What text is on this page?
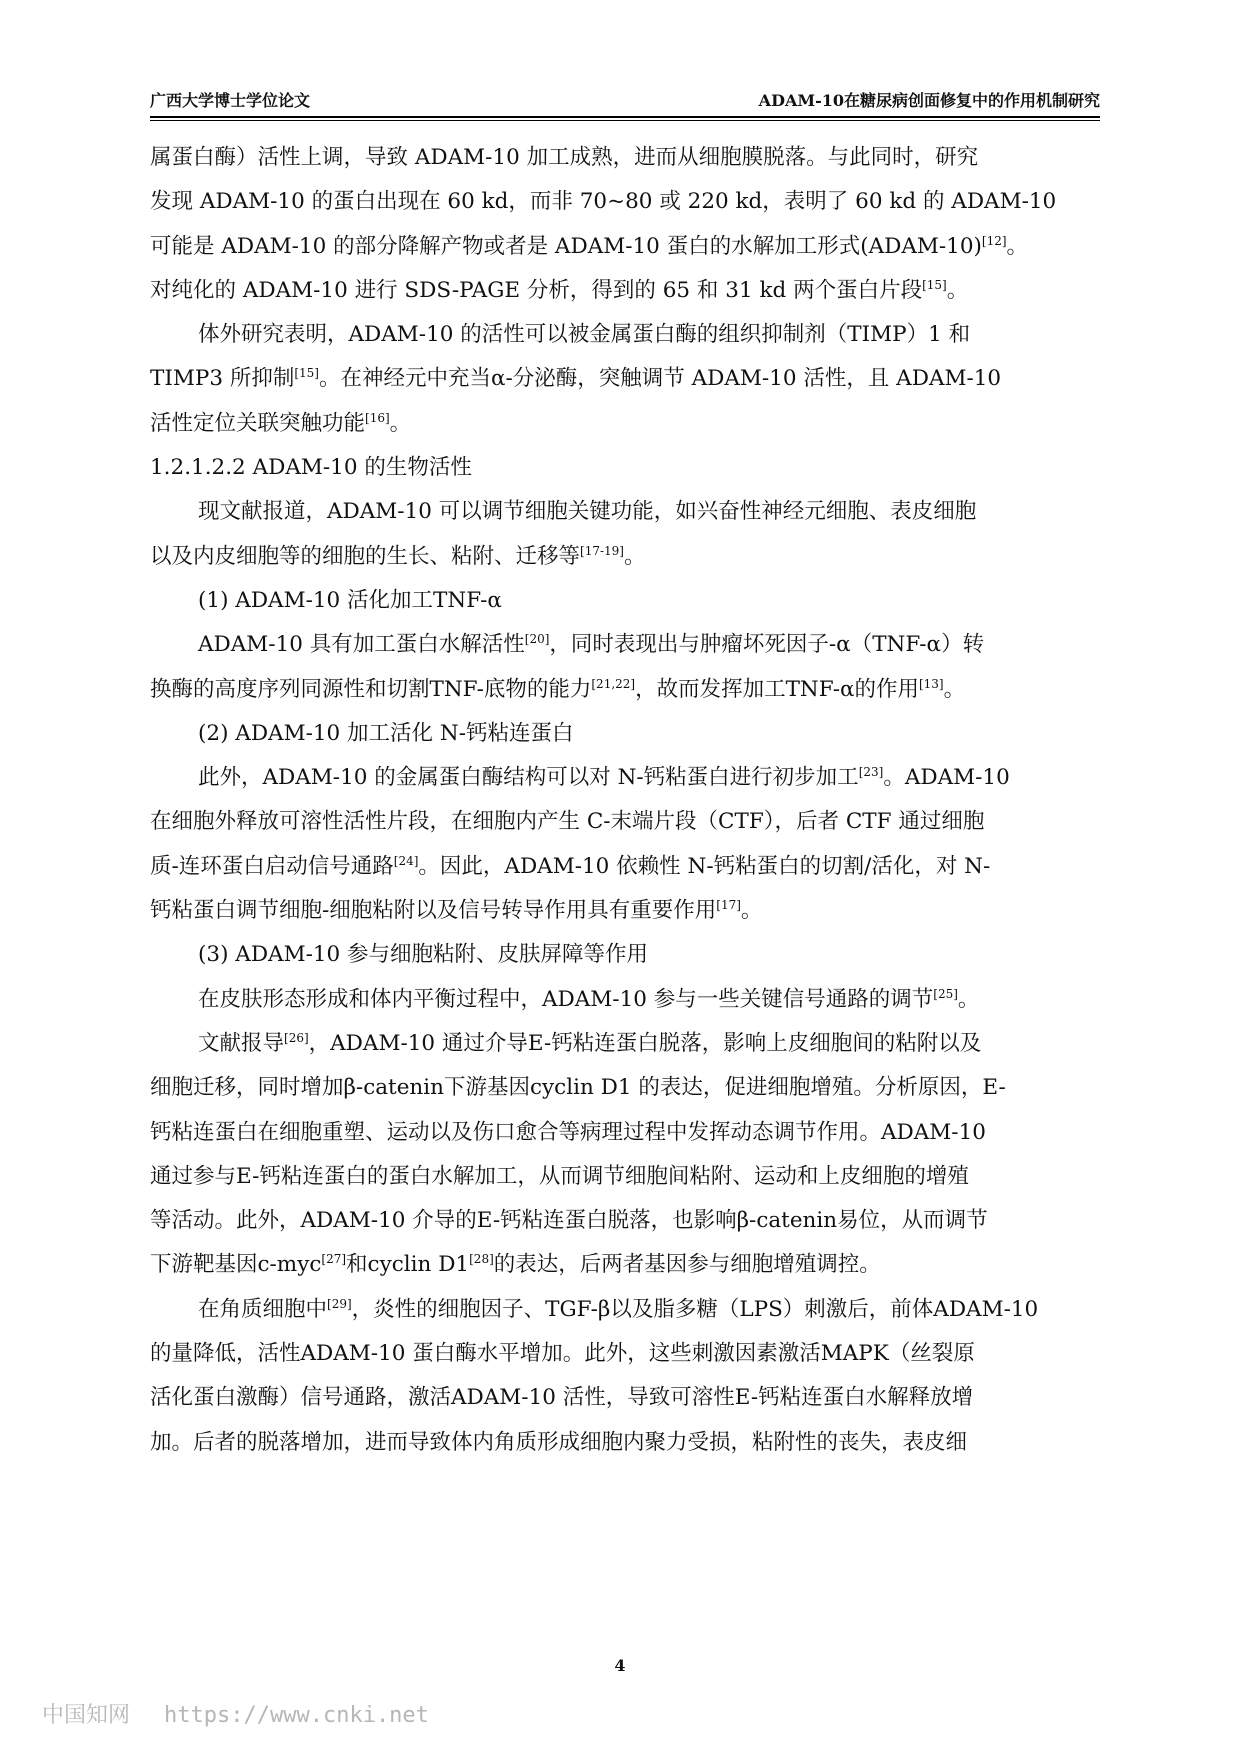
广西大学博士学位论文	ADAM-10在糖尿病创面修复中的作用机制研究
属蛋白酶）活性上调，导致 ADAM-10 加工成熟，进而从细胞膜脱落。与此同时，研究
发现 ADAM-10 的蛋白出现在 60 kd，而非 70~80 或 220 kd，表明了 60 kd 的 ADAM-10
可能是 ADAM-10 的部分降解产物或者是 ADAM-10 蛋白的水解加工形式(ADAM-10)[12]。
对纯化的 ADAM-10 进行 SDS-PAGE 分析，得到的 65 和 31 kd 两个蛋白片段[15]。
体外研究表明，ADAM-10 的活性可以被金属蛋白酶的组织抑制剂（TIMP）1 和
TIMP3 所抑制[15]。在神经元中充当α-分泌酶，突触调节 ADAM-10 活性，且 ADAM-10
活性定位关联突触功能[16]。
1.2.1.2.2 ADAM-10 的生物活性
现文献报道，ADAM-10 可以调节细胞关键功能，如兴奋性神经元细胞、表皮细胞
以及内皮细胞等的细胞的生长、粘附、迁移等[17-19]。
(1) ADAM-10 活化加工TNF-α
ADAM-10 具有加工蛋白水解活性[20]，同时表现出与肿瘤坏死因子-α（TNF-α）转
换酶的高度序列同源性和切割TNF-底物的能力[21,22]，故而发挥加工TNF-α的作用[13]。
(2) ADAM-10 加工活化 N-钙粘连蛋白
此外，ADAM-10 的金属蛋白酶结构可以对 N-钙粘蛋白进行初步加工[23]。ADAM-10
在细胞外释放可溶性活性片段，在细胞内产生 C-末端片段（CTF），后者 CTF 通过细胞
质-连环蛋白启动信号通路[24]。因此，ADAM-10 依赖性 N-钙粘蛋白的切割/活化，对 N-
钙粘蛋白调节细胞-细胞粘附以及信号转导作用具有重要作用[17]。
(3) ADAM-10 参与细胞粘附、皮肤屏障等作用
在皮肤形态形成和体内平衡过程中，ADAM-10 参与一些关键信号通路的调节[25]。
文献报导[26]，ADAM-10 通过介导E-钙粘连蛋白脱落，影响上皮细胞间的粘附以及
细胞迁移，同时增加β-catenin下游基因cyclin D1 的表达，促进细胞增殖。分析原因，E-
钙粘连蛋白在细胞重塑、运动以及伤口愈合等病理过程中发挥动态调节作用。ADAM-10
通过参与E-钙粘连蛋白的蛋白水解加工，从而调节细胞间粘附、运动和上皮细胞的增殖
等活动。此外，ADAM-10 介导的E-钙粘连蛋白脱落，也影响β-catenin易位，从而调节
下游靶基因c-myc[27]和cyclin D1[28]的表达，后两者基因参与细胞增殖调控。
在角质细胞中[29]，炎性的细胞因子、TGF-β以及脂多糖（LPS）刺激后，前体ADAM-10
的量降低，活性ADAM-10 蛋白酶水平增加。此外，这些刺激因素激活MAPK（丝裂原
活化蛋白激酶）信号通路，激活ADAM-10 活性，导致可溶性E-钙粘连蛋白水解释放增
加。后者的脱落增加，进而导致体内角质形成细胞内聚力受损，粘附性的丧失，表皮细
4
中国知网 https://www.cnki.net
